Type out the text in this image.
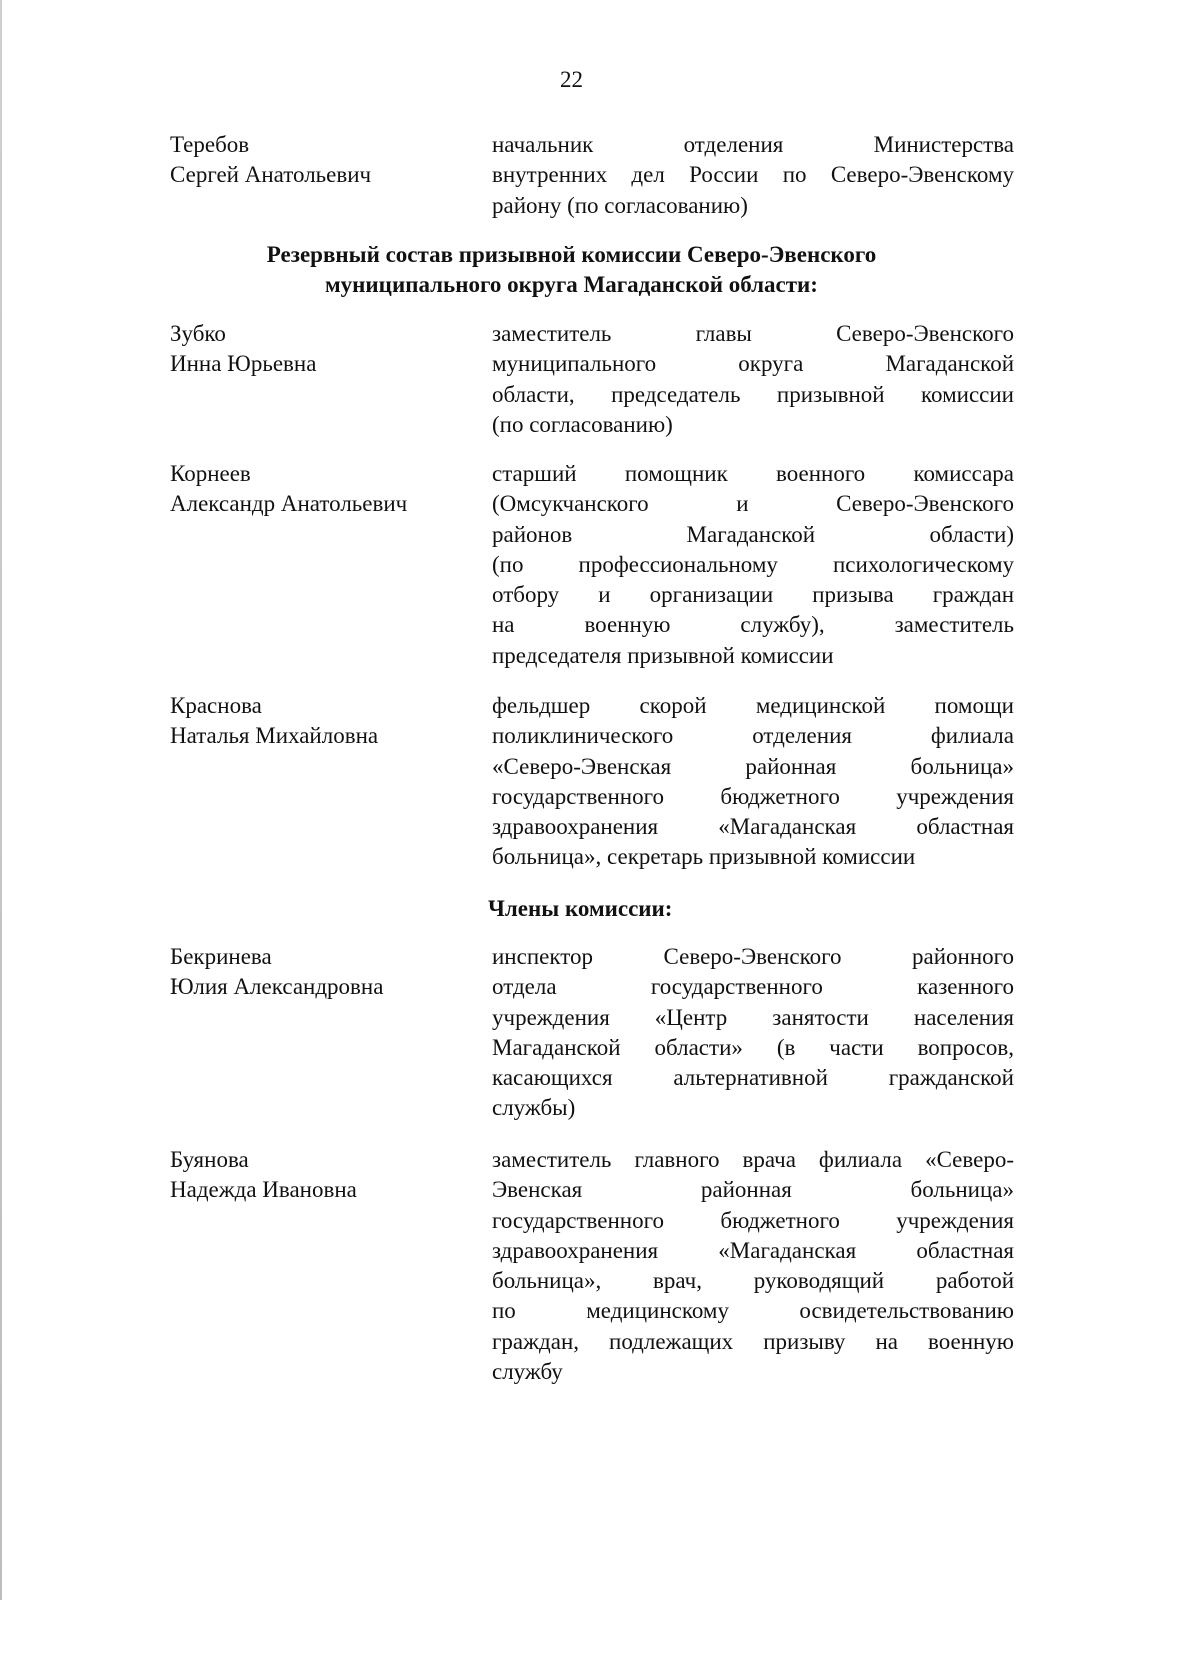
22
Теребов
Сергей Анатольевич
начальник отделения Министерства
внутренних дел России по Северо-Эвенскому
району (по согласованию)
Резервный состав призывной комиссии Северо-Эвенского
муниципального округа Магаданской области:
Зубко
Инна Юрьевна
заместитель главы Северо-Эвенского
муниципального округа Магаданской
области, председатель призывной комиссии
(по согласованию)
Корнеев
Александр Анатольевич
старший помощник военного комиссара
(Омсукчанского и Северо-Эвенского
районов Магаданской области)
(по профессиональному психологическому
отбору и организации призыва граждан
на военную службу), заместитель
председателя призывной комиссии
Краснова
Наталья Михайловна
фельдшер скорой медицинской помощи
поликлинического отделения филиала
«Северо-Эвенская районная больница»
государственного бюджетного учреждения
здравоохранения «Магаданская областная
больница», секретарь призывной комиссии
Члены комиссии:
Бекринева
Юлия Александровна
инспектор Северо-Эвенского районного
отдела государственного казенного
учреждения «Центр занятости населения
Магаданской области» (в части вопросов,
касающихся альтернативной гражданской
службы)
Буянова
Надежда Ивановна
заместитель главного врача филиала «Северо-
Эвенская районная больница»
государственного бюджетного учреждения
здравоохранения «Магаданская областная
больница», врач, руководящий работой
по медицинскому освидетельствованию
граждан, подлежащих призыву на военную
службу
